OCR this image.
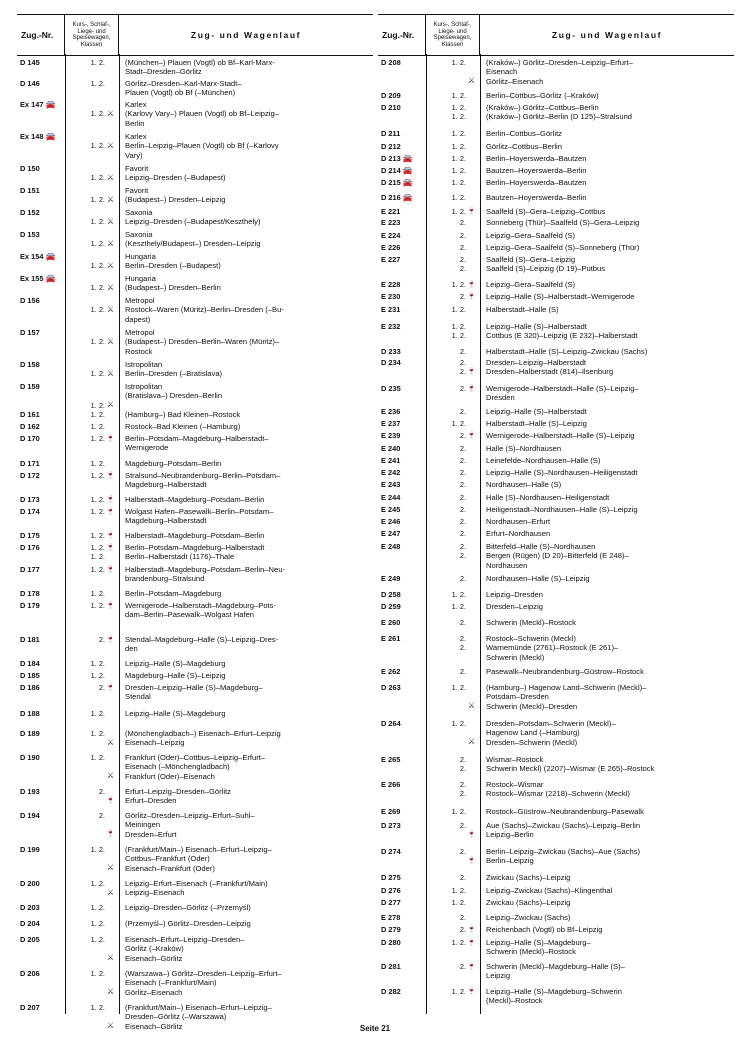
Zug.-Nr.
Kurs-, Schlaf-, Liege- und Speisewagen, Klassen
Zug- und Wagenlauf
D 145	1. 2.	(München–) Plauen (Vogtl) ob Bf–Karl-Marx-
Stadt–Dresden–Görlitz
D 146	1. 2.	Görlitz–Dresden–Karl-Marx-Stadt–
Plauen (Vogtl) ob Bf (–München)
Ex 147 🚘	Karlex
1. 2. ⚔	(Karlovy Vary–) Plauen (Vogtl) ob Bf–Leipzig–
Berlin
Ex 148 🚘	Karlex
1. 2. ⚔	Berlin–Leipzig–Plauen (Vogtl) ob Bf (–Karlovy
Vary)
D 150	Favorit
1. 2. ⚔	Leipzig–Dresden (–Budapest)
D 151	Favorit
1. 2. ⚔	(Budapest–) Dresden–Leipzig
D 152	Saxonia
1. 2. ⚔	Leipzig–Dresden (–Budapest/Keszthely)
D 153	Saxonia
1. 2. ⚔	(Keszthely/Budapest–) Dresden–Leipzig
Ex 154 🚘	Hungaria
1. 2. ⚔	Berlin–Dresden (–Budapest)
Ex 155 🚘	Hungaria
1. 2. ⚔	(Budapest–) Dresden–Berlin
D 156	Metropol
1. 2. ⚔	Rostock–Waren (Müritz)–Berlin–Dresden (–Bu-
dapest)
D 157	Metropol
1. 2. ⚔	(Budapest–) Dresden–Berlin–Waren (Müritz)–
Rostock
D 158	Istropolitan
1. 2. ⚔	Berlin–Dresden (–Bratislava)
D 159	Istropolitan
(Bratislava–) Dresden–Berlin
1. 2. ⚔
D 161	1. 2.	(Hamburg–) Bad Kleinen–Rostock
D 162	1. 2.	Rostock–Bad Kleinen (–Hamburg)
D 170	1. 2. 🍷	Berlin–Potsdam–Magdeburg–Halberstadt–
Wernigerode
D 171	1. 2.	Magdeburg–Potsdam–Berlin
D 172	1. 2. 🍷	Stralsund–Neubrandenburg–Berlin–Potsdam–
Magdeburg–Halberstadt
D 173	1. 2. 🍷	Halberstadt–Magdeburg–Potsdam–Berlin
D 174	1. 2. 🍷	Wolgast Hafen–Pasewalk–Berlin–Potsdam–
Magdeburg–Halberstadt
D 175	1. 2. 🍷	Halberstadt–Magdeburg–Potsdam–Berlin
D 176	1. 2. 🍷	Berlin–Potsdam–Magdeburg–Halberstadt
1. 2.	Berlin–Halberstadt (1176)–Thale
D 177	1. 2. 🍷	Halberstadt–Magdeburg–Potsdam–Berlin–Neu-
brandenburg–Stralsund
D 178	1. 2.	Berlin–Potsdam–Magdeburg
D 179	1. 2. 🍷	Wernigerode–Halberstadt–Magdeburg–Pots-
dam–Berlin–Pasewalk–Wolgast Hafen
D 181	2. 🍷	Stendal–Magdeburg–Halle (S)–Leipzig–Dres-
den
D 184	1. 2.	Leipzig–Halle (S)–Magdeburg
D 185	1. 2.	Magdeburg–Halle (S)–Leipzig
D 186	2. 🍷	Dresden–Leipzig–Halle (S)–Magdeburg–
Stendal
D 188	1. 2.	Leipzig–Halle (S)–Magdeburg
D 189	1. 2.	(Mönchengladbach–) Eisenach–Erfurt–Leipzig
⚔	Eisenach–Leipzig
D 190	1. 2.	Frankfurt (Oder)–Cottbus–Leipzig–Erfurt–
Eisenach (–Mönchengladbach)
⚔	Frankfurt (Oder)–Eisenach
D 193	2.	Erfurt–Leipzig–Dresden–Görlitz
🍷	Erfurt–Dresden
D 194	2.	Görlitz–Dresden–Leipzig–Erfurt–Suhl–
Meiningen
🍷	Dresden–Erfurt
D 199	1. 2.	(Frankfurt/Main–) Eisenach–Erfurt–Leipzig–
Cottbus–Frankfurt (Oder)
⚔	Eisenach–Frankfurt (Oder)
D 200	1. 2.	Leipzig–Erfurt–Eisenach (–Frankfurt/Main)
⚔	Leipzig–Eisenach
D 203	1. 2.	Leipzig–Dresden–Görlitz (–Przemyśl)
D 204	1. 2.	(Przemyśl–) Görlitz–Dresden–Leipzig
D 205	1. 2.	Eisenach–Erfurt–Leipzig–Dresden–
Görlitz (–Kraków)
⚔	Eisenach–Görlitz
D 206	1. 2.	(Warszawa–) Görlitz–Dresden–Leipzig–Erfurt–
Eisenach (–Frankfurt/Main)
⚔	Görlitz–Eisenach
D 207	1. 2.	(Frankfurt/Main–) Eisenach–Erfurt–Leipzig–
Dresden–Görlitz (–Warszawa)
⚔	Eisenach–Görlitz
Zug.-Nr.
Kurs-, Schlaf-, Liege- und Speisewagen, Klassen
Zug- und Wagenlauf
D 208	1. 2.	(Kraków–) Görlitz–Dresden–Leipzig–Erfurt–
Eisenach
⚔	Görlitz–Eisenach
D 209	1. 2.	Berlin–Cottbus–Görlitz (–Kraków)
D 210	1. 2.	(Kraków–) Görlitz–Cottbus–Berlin
1. 2.	(Kraków–) Görlitz–Berlin (D 125)–Stralsund
D 211	1. 2.	Berlin–Cottbus–Görlitz
D 212	1. 2.	Görlitz–Cottbus–Berlin
D 213 🚘	1. 2.	Berlin–Hoyerswerda–Bautzen
D 214 🚘	1. 2.	Bautzen–Hoyerswerda–Berlin
D 215 🚘	1. 2.	Berlin–Hoyerswerda–Bautzen
D 216 🚘	1. 2.	Bautzen–Hoyerswerda–Berlin
E 221	1. 2. 🍷	Saalfeld (S)–Gera–Leipzig–Cottbus
E 223	2.	Sonneberg (Thür)–Saalfeld (S)–Gera–Leipzig
E 224	2.	Leipzig–Gera–Saalfeld (S)
E 226	2.	Leipzig–Gera–Saalfeld (S)–Sonneberg (Thür)
E 227	2.	Saalfeld (S)–Gera–Leipzig
2.	Saalfeld (S)–Leipzig (D 19)–Putbus
E 228	1. 2. 🍷	Leipzig–Gera–Saalfeld (S)
E 230	2. 🍷	Leipzig–Halle (S)–Halberstadt–Wernigerode
E 231	1. 2.	Halberstadt–Halle (S)
E 232	1. 2.	Leipzig–Halle (S)–Halberstadt
1. 2.	Cottbus (E 320)–Leipzig (E 232)–Halberstadt
D 233	2.	Halberstadt–Halle (S)–Leipzig–Zwickau (Sachs)
D 234	2.	Dresden–Leipzig–Halberstadt
2. 🍷	Dresden–Halberstadt (814)–Ilsenburg
D 235	2. 🍷	Wernigerode–Halberstadt–Halle (S)–Leipzig–
Dresden
E 236	2.	Leipzig–Halle (S)–Halberstadt
E 237	1. 2.	Halberstadt–Halle (S)–Leipzig
E 239	2. 🍷	Wernigerode–Halberstadt–Halle (S)–Leipzig
E 240	2.	Halle (S)–Nordhausen
E 241	2.	Leinefelde–Nordhausen–Halle (S)
E 242	2.	Leipzig–Halle (S)–Nordhausen–Heiligenstadt
E 243	2.	Nordhausen–Halle (S)
E 244	2.	Halle (S)–Nordhausen–Heiligenstadt
E 245	2.	Heiligenstadt–Nordhausen–Halle (S)–Leipzig
E 246	2.	Nordhausen–Erfurt
E 247	2.	Erfurt–Nordhausen
E 248	2.	Bitterfeld–Halle (S)–Nordhausen
2.	Bergen (Rügen) (D 20)–Bitterfeld (E 248)–
Nordhausen
E 249	2.	Nordhausen–Halle (S)–Leipzig
D 258	1. 2.	Leipzig–Dresden
D 259	1. 2.	Dresden–Leipzig
E 260	2.	Schwerin (Meckl)–Rostock
E 261	2.	Rostock–Schwerin (Meckl)
2.	Warnemünde (2761)–Rostock (E 261)–
Schwerin (Meckl)
E 262	2.	Pasewalk–Neubrandenburg–Güstrow–Rostock
D 263	1. 2.	(Hamburg–) Hagenow Land–Schwerin (Meckl)–
Potsdam–Dresden
⚔	Schwerin (Meckl)–Dresden
D 264	1. 2.	Dresden–Potsdam–Schwerin (Meckl)–
Hagenow Land (–Hamburg)
⚔	Dresden–Schwerin (Meckl)
E 265	2.	Wismar–Rostock
2.	Schwerin Meckl) (2207)–Wismar (E 265)–Rostock
E 266	2.	Rostock–Wismar
2.	Rostock–Wismar (2218)–Schwerin (Meckl)
E 269	1. 2.	Rostock–Güstrow–Neubrandenburg–Pasewalk
D 273	2.	Aue (Sachs)–Zwickau (Sachs)–Leipzig–Berlin
🍷	Leipzig–Berlin
D 274	2.	Berlin–Leipzig–Zwickau (Sachs)–Aue (Sachs)
🍷	Berlin–Leipzig
D 275	2.	Zwickau (Sachs)–Leipzig
D 276	1. 2.	Leipzig–Zwickau (Sachs)–Klingenthal
D 277	1. 2.	Zwickau (Sachs)–Leipzig
E 278	2.	Leipzig–Zwickau (Sachs)
D 279	2. 🍷	Reichenbach (Vogtl) ob Bf–Leipzig
D 280	1. 2. 🍷	Leipzig–Halle (S)–Magdeburg–
Schwerin (Meckl)–Rostock
D 281	2. 🍷	Schwerin (Meckl)–Magdeburg–Halle (S)–
Leipzig
D 282	1. 2. 🍷	Leipzig–Halle (S)–Magdeburg–Schwerin
(Meckl)–Rostock
Seite 21
